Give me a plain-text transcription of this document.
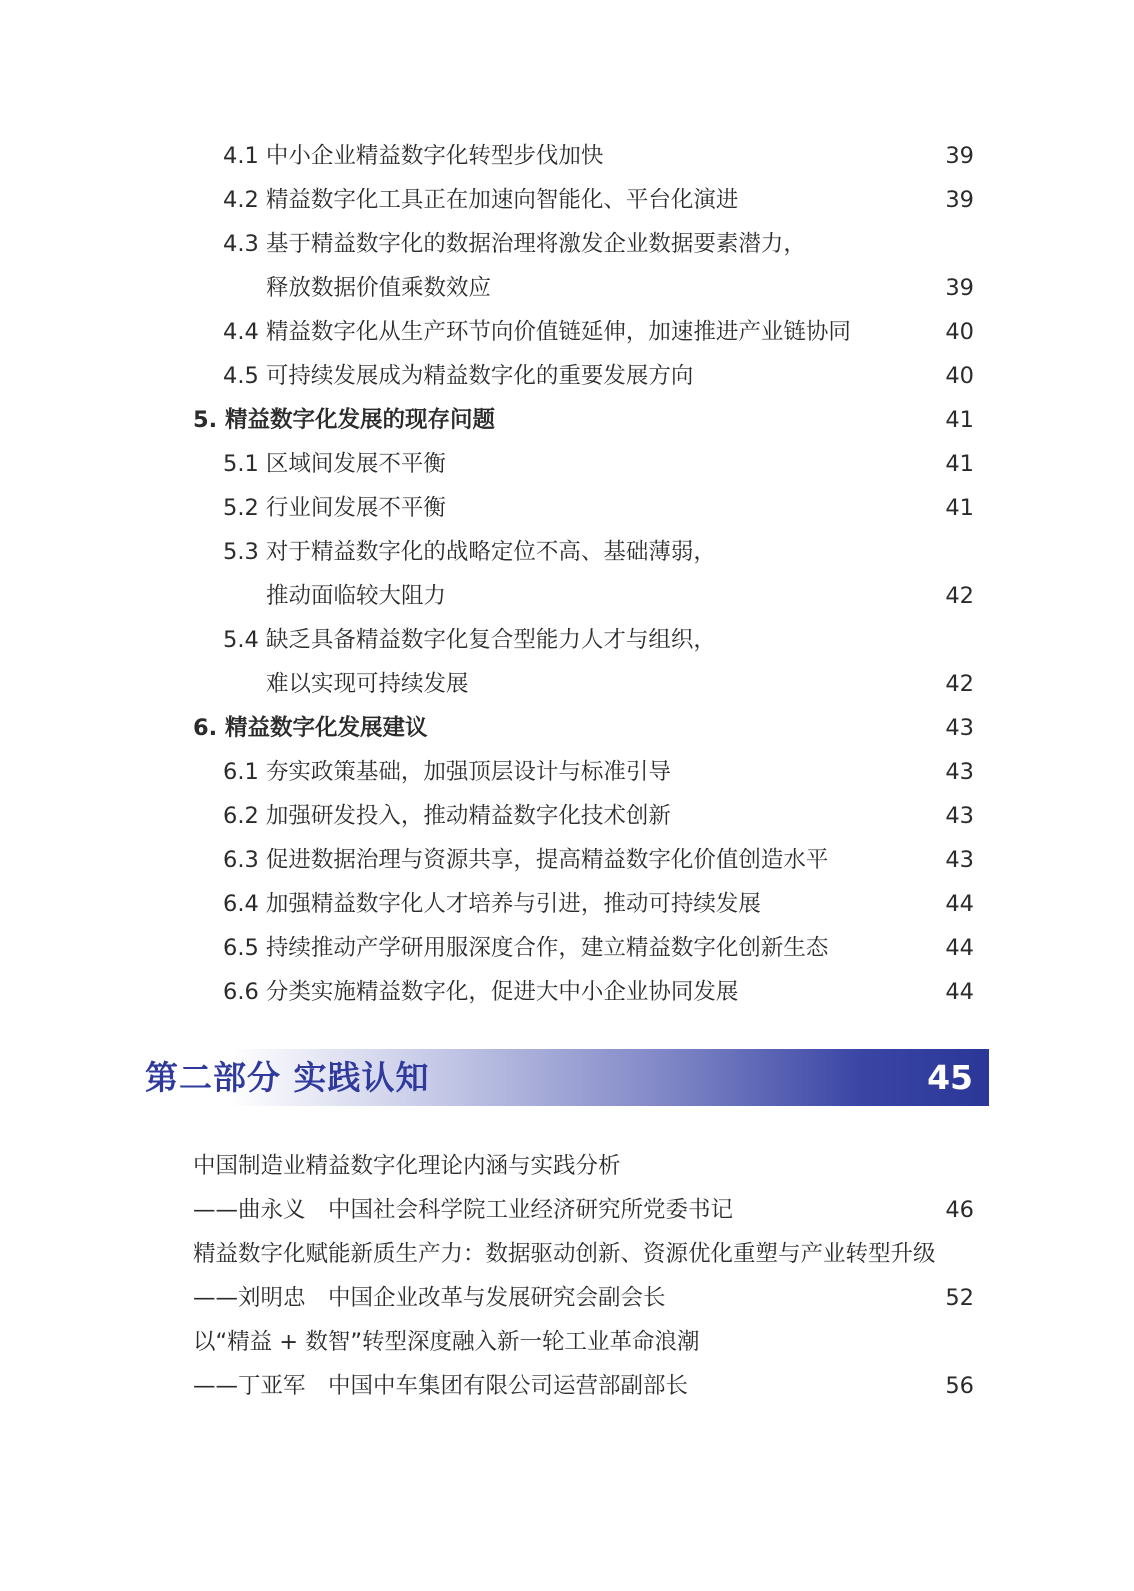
4.1 中小企业精益数字化转型步伐加快	39
4.2 精益数字化工具正在加速向智能化、平台化演进	39
4.3 基于精益数字化的数据治理将激发企业数据要素潜力，
释放数据价值乘数效应	39
4.4 精益数字化从生产环节向价值链延伸，加速推进产业链协同	40
4.5 可持续发展成为精益数字化的重要发展方向	40
5. 精益数字化发展的现存问题	41
5.1 区域间发展不平衡	41
5.2 行业间发展不平衡	41
5.3 对于精益数字化的战略定位不高、基础薄弱，
推动面临较大阻力	42
5.4 缺乏具备精益数字化复合型能力人才与组织，
难以实现可持续发展	42
6. 精益数字化发展建议	43
6.1 夯实政策基础，加强顶层设计与标准引导	43
6.2 加强研发投入，推动精益数字化技术创新	43
6.3 促进数据治理与资源共享，提高精益数字化价值创造水平	43
6.4 加强精益数字化人才培养与引进，推动可持续发展	44
6.5 持续推动产学研用服深度合作，建立精益数字化创新生态	44
6.6 分类实施精益数字化，促进大中小企业协同发展	44
第二部分 实践认知	45
中国制造业精益数字化理论内涵与实践分析
——曲永义　中国社会科学院工业经济研究所党委书记	46
精益数字化赋能新质生产力：数据驱动创新、资源优化重塑与产业转型升级
——刘明忠　中国企业改革与发展研究会副会长	52
以“精益 + 数智”转型深度融入新一轮工业革命浪潮
——丁亚军　中国中车集团有限公司运营部副部长	56
